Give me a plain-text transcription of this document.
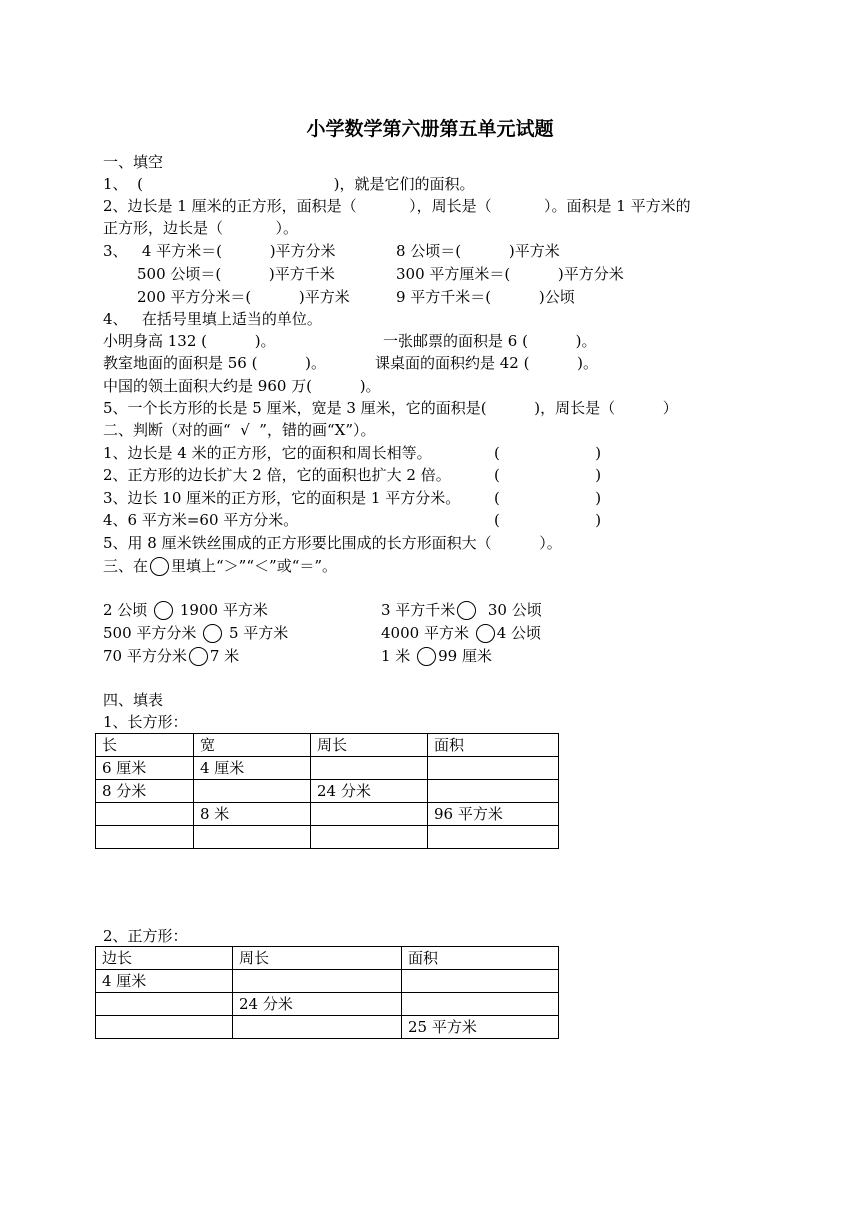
小学数学第六册第五单元试题
一、填空
1、  (                                        )，就是它们的面积。
2、边长是 1 厘米的正方形，面积是（           ），周长是（           ）。面积是 1 平方米的
正方形，边长是（           ）。
3、   4 平方米＝(          )平方分米	8 公顷＝(          )平方米
500 公顷＝(          )平方千米	300 平方厘米＝(          )平方分米
200 平方分米＝(          )平方米	9 平方千米＝(          )公顷
4、   在括号里填上适当的单位。
小明身高 132 (          )。	一张邮票的面积是 6 (          )。
教室地面的面积是 56 (          )。	课桌面的面积约是 42 (          )。
中国的领土面积大约是 960 万(          )。
5、一个长方形的长是 5 厘米，宽是 3 厘米，它的面积是(          )，周长是（          ）
二、判断（对的画“  √  ”，错的画“X”）。
1、边长是 4 米的正方形，它的面积和周长相等。	(                    )
2、正方形的边长扩大 2 倍，它的面积也扩大 2 倍。	(                    )
3、边长 10 厘米的正方形，它的面积是 1 平方分米。 (                    )
4、6 平方米=60 平方分米。	(                    )
5、用 8 厘米铁丝围成的正方形要比围成的长方形面积大（          ）。
三、在 里填上“＞”“＜”或“＝”。
2 公顷 1900 平方米	3 平方千米  30 公顷
500 平方分米 5 平方米	4000 平方米 4 公顷
70 平方分米 7 米	1 米 99 厘米
四、填表
1、长方形：
长	宽	周长	面积
6 厘米	4 厘米		
8 分米		24 分米	
	8 米		96 平方米

2、正方形：
边长	周长	面积
4 厘米		
	24 分米	
		25 平方米
